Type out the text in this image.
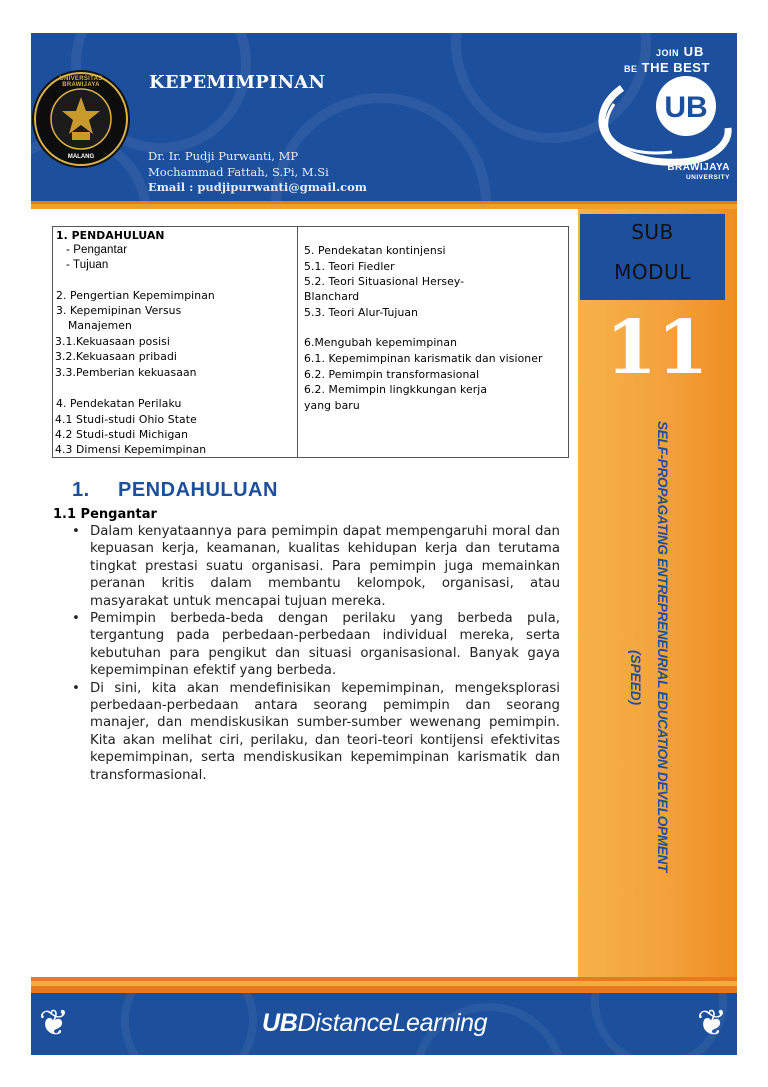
UNIVERSITAS BRAWIJAYA
MALANG
KEPEMIMPINAN
Dr. Ir. Pudji Purwanti, MP
Mochammad Fattah, S.Pi, M.Si
Email : pudjipurwanti@gmail.com
JOIN UB
BE THE BEST
UB
BRAWIJAYA
UNIVERSITY
SUB
MODUL
11
SELF-PROPAGATING ENTREPRENEURIAL EDUCATION DEVELOPMENT
(SPEED)
1. PENDAHULUAN
- Pengantar
- Tujuan
2. Pengertian Kepemimpinan
3. Kepemipinan Versus
Manajemen
3.1.Kekuasaan posisi
3.2.Kekuasaan pribadi
3.3.Pemberian kekuasaan
4. Pendekatan Perilaku
4.1 Studi-studi Ohio State
4.2 Studi-studi Michigan
4.3 Dimensi Kepemimpinan
5. Pendekatan kontinjensi
5.1. Teori Fiedler
5.2. Teori Situasional Hersey-
Blanchard
5.3. Teori Alur-Tujuan
6.Mengubah kepemimpinan
6.1. Kepemimpinan karismatik dan visioner
6.2. Pemimpin transformasional
6.2. Memimpin lingkkungan kerja
yang baru
1. PENDAHULUAN
1.1 Pengantar

• Dalam kenyataannya para pemimpin dapat mempengaruhi moral dan kepuasan kerja, keamanan, kualitas kehidupan kerja dan terutama tingkat prestasi suatu organisasi. Para pemimpin juga memainkan peranan kritis dalam membantu kelompok, organisasi, atau masyarakat untuk mencapai tujuan mereka.

• Pemimpin berbeda-beda dengan perilaku yang berbeda pula, tergantung pada perbedaan-perbedaan individual mereka, serta kebutuhan para pengikut dan situasi organisasional. Banyak gaya kepemimpinan efektif yang berbeda.

• Di sini, kita akan mendefinisikan kepemimpinan, mengeksplorasi perbedaan-perbedaan antara seorang pemimpin dan seorang manajer, dan mendiskusikan sumber-sumber wewenang pemimpin. Kita akan melihat ciri, perilaku, dan teori-teori kontijensi efektivitas kepemimpinan, serta mendiskusikan kepemimpinan karismatik dan transformasional.

❦	❦
UBDistanceLearning
